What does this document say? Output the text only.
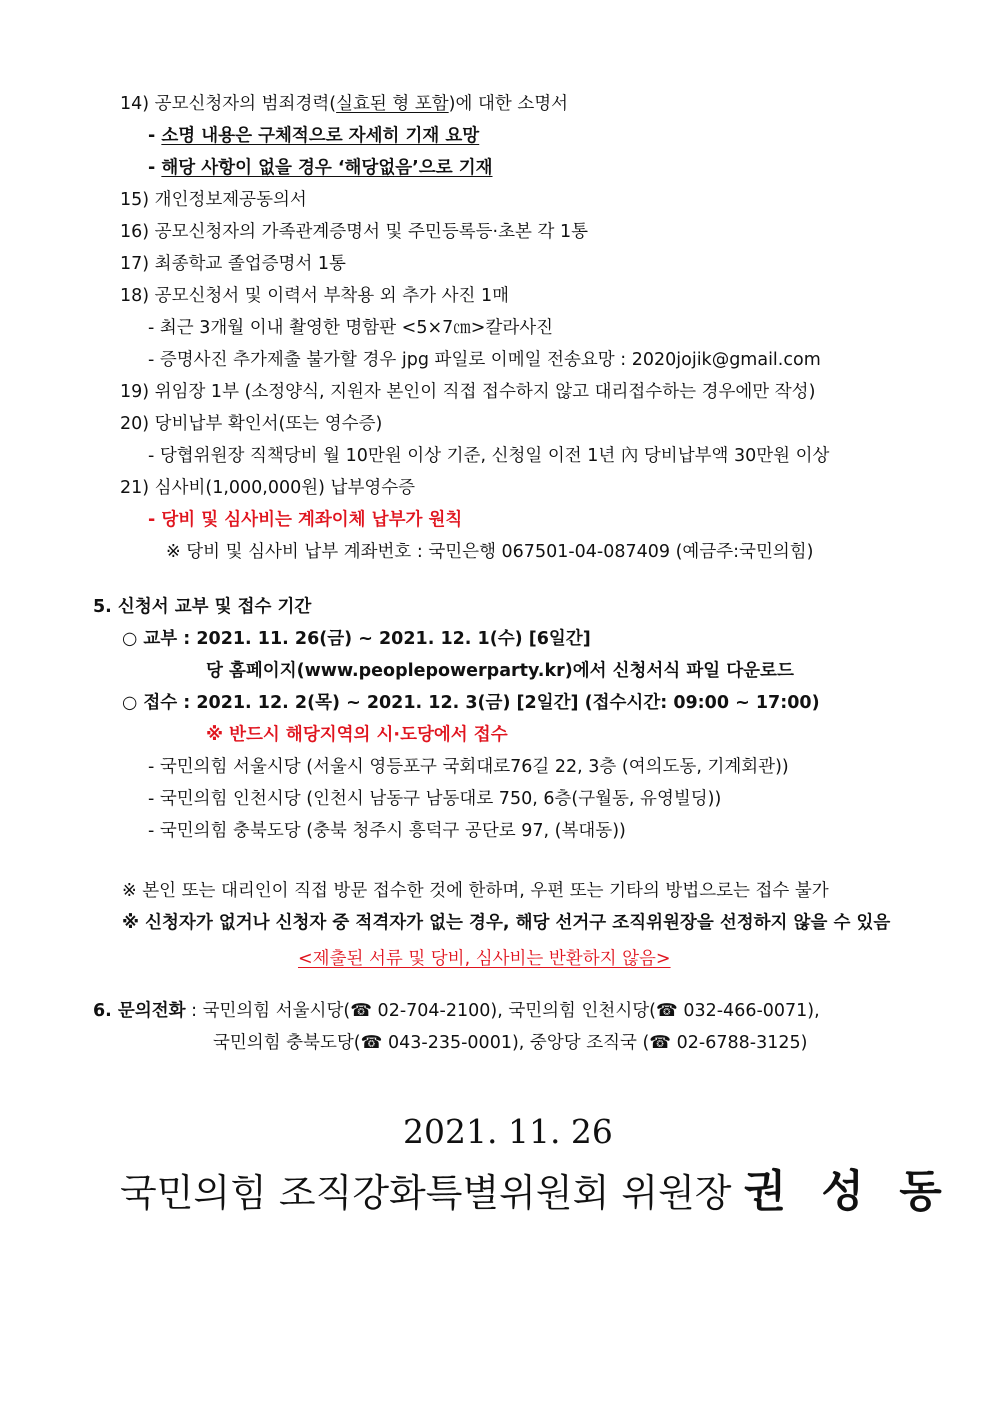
14) 공모신청자의 범죄경력(실효된 형 포함)에 대한 소명서
- 소명 내용은 구체적으로 자세히 기재 요망
- 해당 사항이 없을 경우 ‘해당없음’으로 기재
15) 개인정보제공동의서
16) 공모신청자의 가족관계증명서 및 주민등록등·초본 각 1통
17) 최종학교 졸업증명서 1통
18) 공모신청서 및 이력서 부착용 외 추가 사진 1매
- 최근 3개월 이내 촬영한 명함판 <5×7㎝>칼라사진
- 증명사진 추가제출 불가할 경우 jpg 파일로 이메일 전송요망 : 2020jojik@gmail.com
19) 위임장 1부 (소정양식, 지원자 본인이 직접 접수하지 않고 대리접수하는 경우에만 작성)
20) 당비납부 확인서(또는 영수증)
- 당협위원장 직책당비 월 10만원 이상 기준, 신청일 이전 1년 內 당비납부액 30만원 이상
21) 심사비(1,000,000원) 납부영수증
- 당비 및 심사비는 계좌이체 납부가 원칙
※ 당비 및 심사비 납부 계좌번호 : 국민은행 067501-04-087409 (예금주:국민의힘)
5. 신청서 교부 및 접수 기간
○ 교부 : 2021. 11. 26(금) ~ 2021. 12. 1(수) [6일간]
당 홈페이지(www.peoplepowerparty.kr)에서 신청서식 파일 다운로드
○ 접수 : 2021. 12. 2(목) ~ 2021. 12. 3(금) [2일간] (접수시간: 09:00 ~ 17:00)
※ 반드시 해당지역의 시·도당에서 접수
- 국민의힘 서울시당 (서울시 영등포구 국회대로76길 22, 3층 (여의도동, 기계회관))
- 국민의힘 인천시당 (인천시 남동구 남동대로 750, 6층(구월동, 유영빌딩))
- 국민의힘 충북도당 (충북 청주시 흥덕구 공단로 97, (복대동))
※ 본인 또는 대리인이 직접 방문 접수한 것에 한하며, 우편 또는 기타의 방법으로는 접수 불가
※ 신청자가 없거나 신청자 중 적격자가 없는 경우, 해당 선거구 조직위원장을 선정하지 않을 수 있음
<제출된 서류 및 당비, 심사비는 반환하지 않음>
6. 문의전화 : 국민의힘 서울시당(☎ 02-704-2100), 국민의힘 인천시당(☎ 032-466-0071),
국민의힘 충북도당(☎ 043-235-0001), 중앙당 조직국 (☎ 02-6788-3125)
2021. 11. 26
국민의힘 조직강화특별위원회 위원장 권 성 동
